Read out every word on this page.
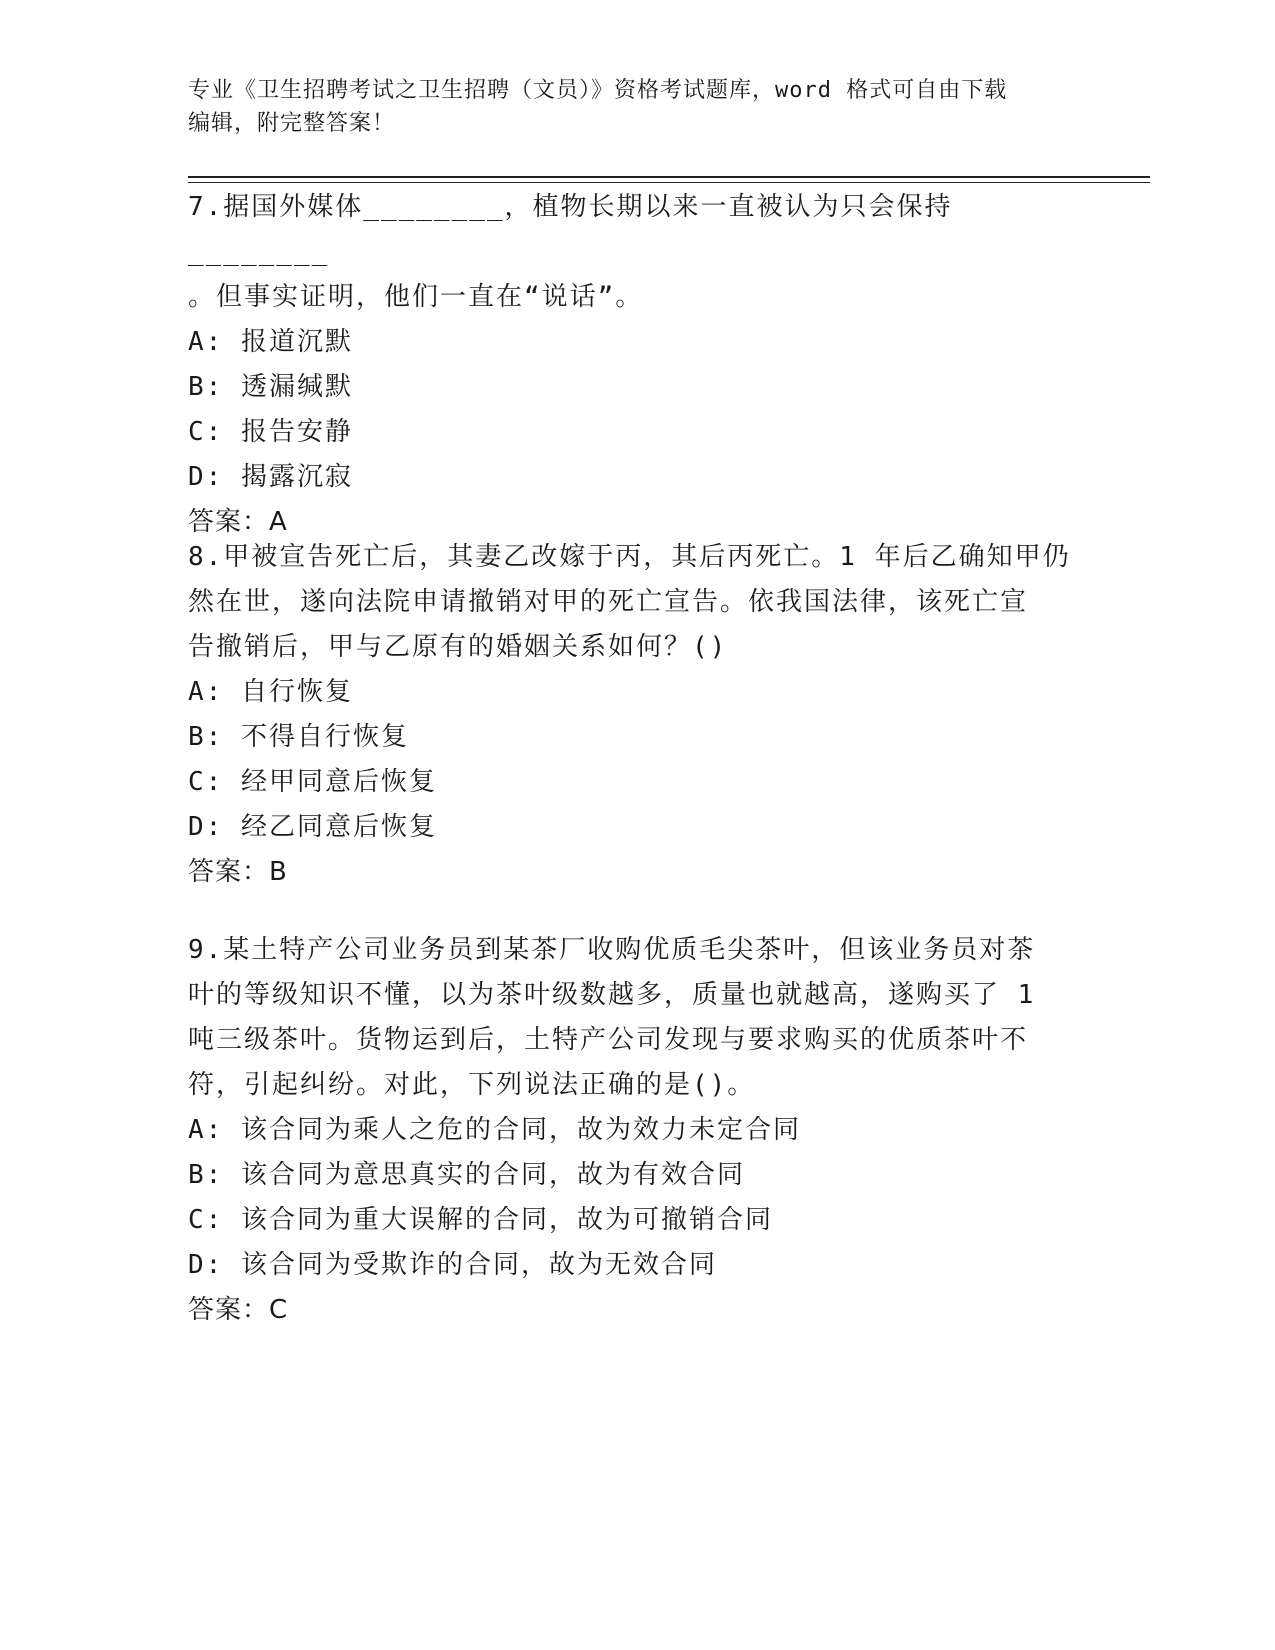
专业《卫生招聘考试之卫生招聘（文员）》资格考试题库，word 格式可自由下载
编辑，附完整答案！

7.据国外媒体________，植物长期以来一直被认为只会保持________

。但事实证明，他们一直在“说话”。

A: 报道沉默

B: 透漏缄默

C: 报告安静

D: 揭露沉寂

答案：A

8.甲被宣告死亡后，其妻乙改嫁于丙，其后丙死亡。1 年后乙确知甲仍

然在世，遂向法院申请撤销对甲的死亡宣告。依我国法律，该死亡宣

告撤销后，甲与乙原有的婚姻关系如何？()

A: 自行恢复

B: 不得自行恢复

C: 经甲同意后恢复

D: 经乙同意后恢复

答案：B

9.某土特产公司业务员到某茶厂收购优质毛尖茶叶，但该业务员对茶

叶的等级知识不懂，以为茶叶级数越多，质量也就越高，遂购买了 1

吨三级茶叶。货物运到后，土特产公司发现与要求购买的优质茶叶不

符，引起纠纷。对此，下列说法正确的是()。

A: 该合同为乘人之危的合同，故为效力未定合同

B: 该合同为意思真实的合同，故为有效合同

C: 该合同为重大误解的合同，故为可撤销合同

D: 该合同为受欺诈的合同，故为无效合同

答案：C
